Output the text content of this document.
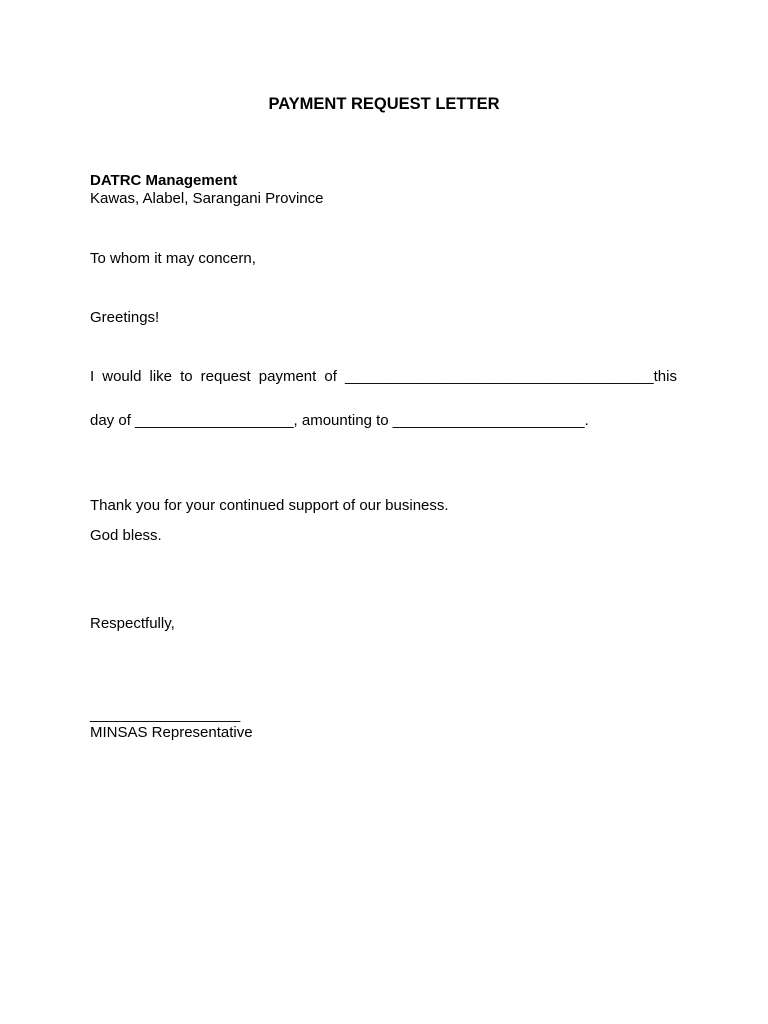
PAYMENT REQUEST LETTER
DATRC Management
Kawas, Alabel, Sarangani Province
To whom it may concern,
Greetings!
I would like to request payment of _____________________________________this
day of ___________________, amounting to _______________________.
Thank you for your continued support of our business.
God bless.
Respectfully,
__________________
MINSAS Representative
